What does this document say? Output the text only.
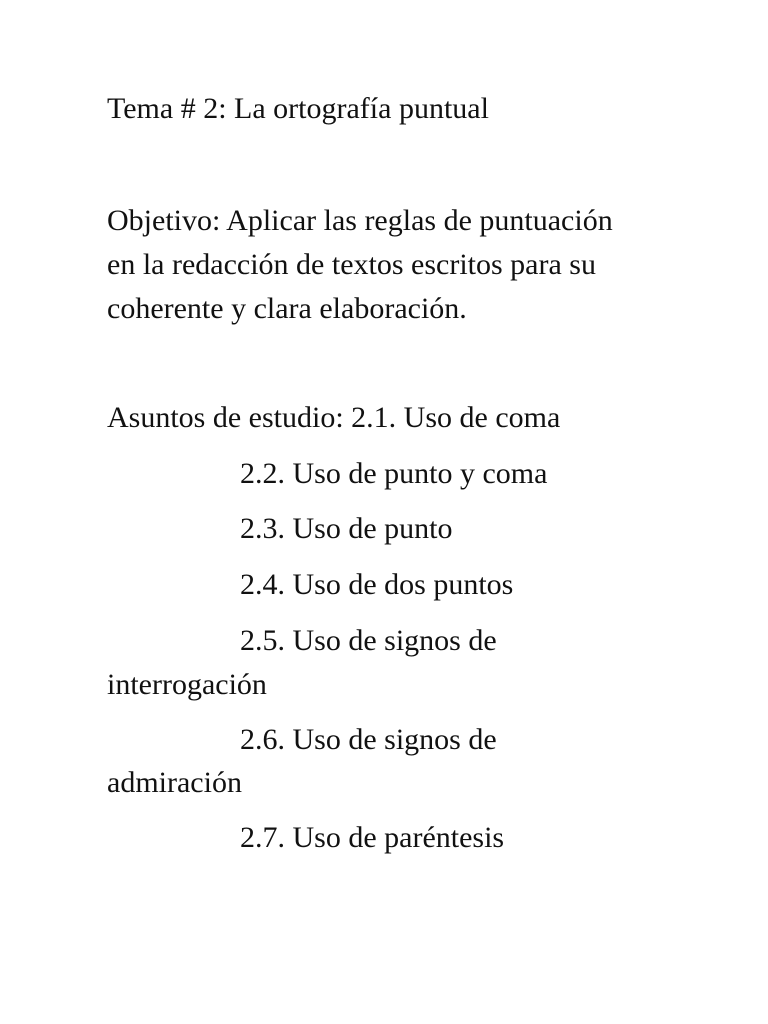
Tema # 2: La ortografía puntual

Objetivo: Aplicar las reglas de puntuación

en la redacción de textos escritos para su

coherente y clara elaboración.

Asuntos de estudio: 2.1. Uso de coma

2.2. Uso de punto y coma

2.3. Uso de punto

2.4. Uso de dos puntos

2.5. Uso de signos de

interrogación

2.6. Uso de signos de

admiración

2.7. Uso de paréntesis
